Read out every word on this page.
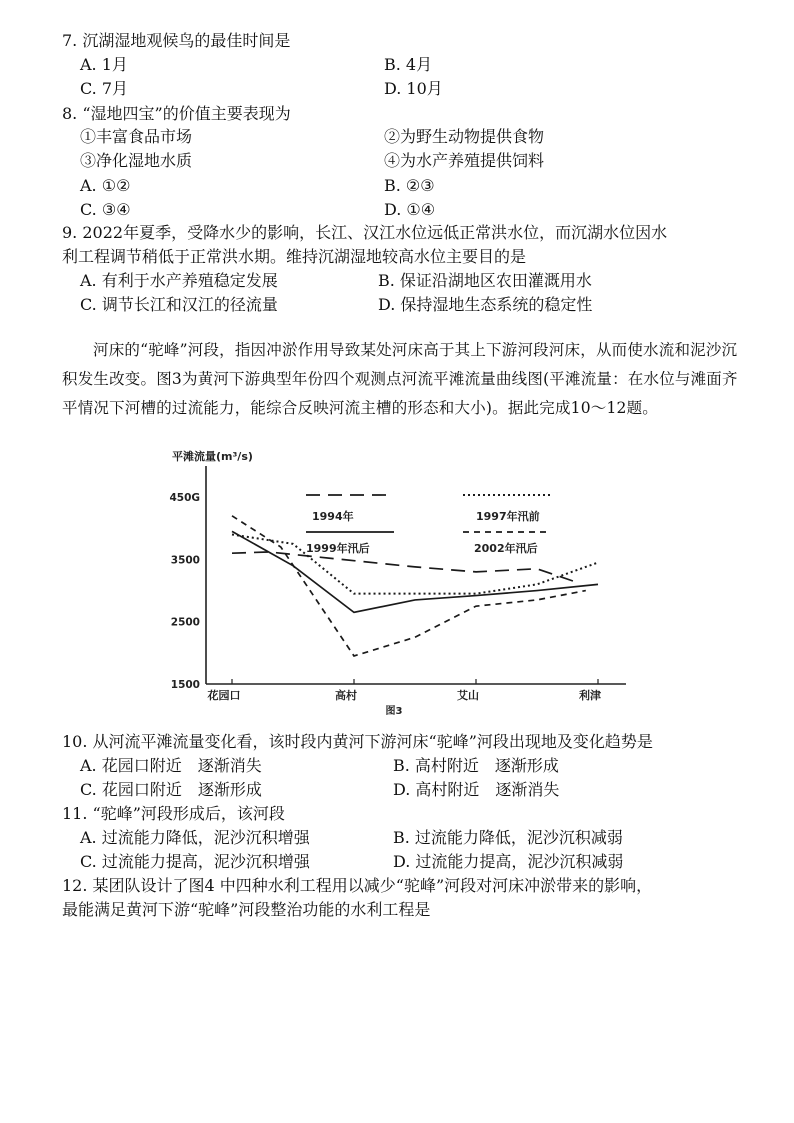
7. 沉湖湿地观候鸟的最佳时间是
A. 1月	B. 4月
C. 7月	D. 10月
8. “湿地四宝”的价值主要表现为
①丰富食品市场	②为野生动物提供食物
③净化湿地水质	④为水产养殖提供饲料
A. ①②	B. ②③
C. ③④	D. ①④
9. 2022年夏季，受降水少的影响，长江、汉江水位远低正常洪水位，而沉湖水位因水
利工程调节稍低于正常洪水期。维持沉湖湿地较高水位主要目的是
A. 有利于水产养殖稳定发展	B. 保证沿湖地区农田灌溉用水
C. 调节长江和汉江的径流量	D. 保持湿地生态系统的稳定性
河床的“驼峰”河段，指因冲淤作用导致某处河床高于其上下游河段河床，从而使水流和泥沙沉积发生改变。图3为黄河下游典型年份四个观测点河流平滩流量曲线图(平滩流量：在水位与滩面齐平情况下河槽的过流能力，能综合反映河流主槽的形态和大小)。据此完成10～12题。
平滩流量(m³/s)
1500
2500
3500
450G
花园口	高村	艾山	利津
图3
1994年	1997年汛前
1999年汛后	2002年汛后
10. 从河流平滩流量变化看，该时段内黄河下游河床“驼峰”河段出现地及变化趋势是
A. 花园口附近　逐渐消失	B. 高村附近　逐渐形成
C. 花园口附近　逐渐形成	D. 高村附近　逐渐消失
11. “驼峰”河段形成后，该河段
A. 过流能力降低，泥沙沉积增强	B. 过流能力降低，泥沙沉积减弱
C. 过流能力提高，泥沙沉积增强	D. 过流能力提高，泥沙沉积减弱
12. 某团队设计了图4 中四种水利工程用以减少“驼峰”河段对河床冲淤带来的影响，
最能满足黄河下游“驼峰”河段整治功能的水利工程是
